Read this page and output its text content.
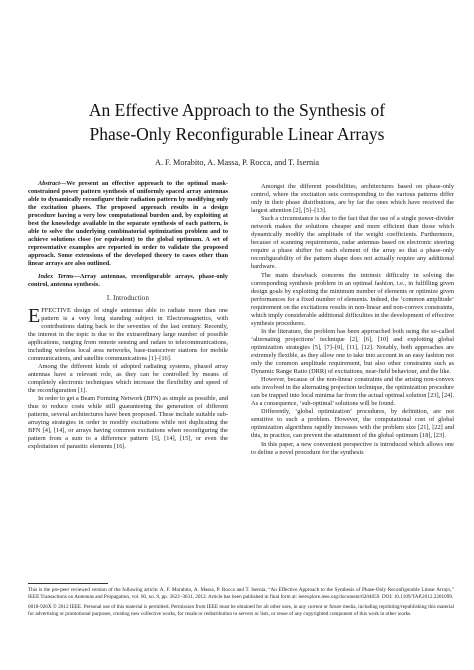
An Effective Approach to the Synthesis of
Phase-Only Reconfigurable Linear Arrays
A. F. Morabito, A. Massa, P. Rocca, and T. Isernia

Abstract—We present an effective approach to the optimal mask-constrained power pattern synthesis of uniformly spaced array antennas able to dynamically reconfigure their radiation pattern by modifying only the excitation phases. The proposed approach results in a design procedure having a very low computational burden and, by exploiting at best the knowledge available in the separate synthesis of each pattern, is able to solve the underlying combinatorial optimization problem and to achieve solutions close (or equivalent) to the global optimum. A set of representative examples are reported in order to validate the proposed approach. Some extensions of the developed theory to cases other than linear arrays are also outlined.

Index Terms—Array antennas, reconfigurable arrays, phase-only control, antenna synthesis.

I. Introduction

EFFECTIVE design of single antennas able to radiate more than one pattern is a very long standing subject in Electromagnetics, with contributions dating back to the seventies of the last century. Recently, the interest in the topic is due to the extraordinary large number of possible applications, ranging from remote sensing and radars to telecommunications, including wireless local area networks, base-transceiver stations for mobile communications, and satellite communications [1]–[16].

Among the different kinds of adopted radiating systems, phased array antennas have a relevant role, as they can be controlled by means of completely electronic techniques which increase the flexibility and speed of the reconfiguration [1].

In order to get a Beam Forming Network (BFN) as simple as possible, and thus to reduce costs while still guaranteeing the generation of different patterns, several architectures have been proposed. These include suitable sub-arraying strategies in order to modify excitations while not duplicating the BFN [4], [14], or arrays having common excitations when reconfiguring the pattern from a sum to a difference pattern [3], [14], [15], or even the exploitation of parasitic elements [16].

Amongst the different possibilities, architectures based on phase-only control, where the excitation sets corresponding to the various patterns differ only in their phase distributions, are by far the ones which have received the largest attention [2], [5]–[13].

Such a circumstance is due to the fact that the use of a single power-divider network makes the solutions cheaper and more efficient than those which dynamically modify the amplitude of the weight coefficients. Furthermore, because of scanning requirements, radar antennas based on electronic steering require a phase shifter for each element of the array so that a phase-only reconfigurability of the pattern shape does not actually require any additional hardware.

The main drawback concerns the intrinsic difficulty in solving the corresponding synthesis problem in an optimal fashion, i.e., in fulfilling given design goals by exploiting the minimum number of elements or optimize given performances for a fixed number of elements. Indeed, the ‘common amplitude’ requirement on the excitations results in non-linear and non-convex constraints, which imply considerable additional difficulties in the development of effective synthesis procedures.

In the literature, the problem has been approached both using the so-called ‘alternating projections’ technique [2], [6], [10] and exploiting global optimization strategies [5], [7]–[9], [11], [12]. Notably, both approaches are extremely flexible, as they allow one to take into account in an easy fashion not only the common amplitude requirement, but also other constraints such as Dynamic Range Ratio (DRR) of excitations, near-field behaviour, and the like.

However, because of the non-linear constraints and the arising non-convex sets involved in the alternating projection technique, the optimization procedure can be trapped into local minima far from the actual optimal solution [23], [24]. As a consequence, ‘sub-optimal’ solutions will be found.

Differently, ‘global optimization’ procedures, by definition, are not sensitive to such a problem. However, the computational cost of global optimization algorithms rapidly increases with the problem size [21], [22] and this, in practice, can prevent the attainment of the global optimum [18], [23].

In this paper, a new convenient perspective is introduced which allows one to define a novel procedure for the synthesis

This is the pre-peer reviewed version of the following article: A. F. Morabito, A. Massa, P. Rocca and T. Isernia, “An Effective Approach to the Synthesis of Phase-Only Reconfigurable Linear Arrays,” IEEE Transactions on Antennas and Propagation, vol. 60, no. 8, pp. 3622–3631, 2012. Article has been published in final form at: ieeexplore.ieee.org/document/6204059. DOI: 10.1109/TAP.2012.2201099.

0018-926X © 2012 IEEE. Personal use of this material is permitted. Permission from IEEE must be obtained for all other uses, in any current or future media, including reprinting/republishing this material for advertising or promotional purposes, creating new collective works, for resale or redistribution to servers or lists, or reuse of any copyrighted component of this work in other works.
